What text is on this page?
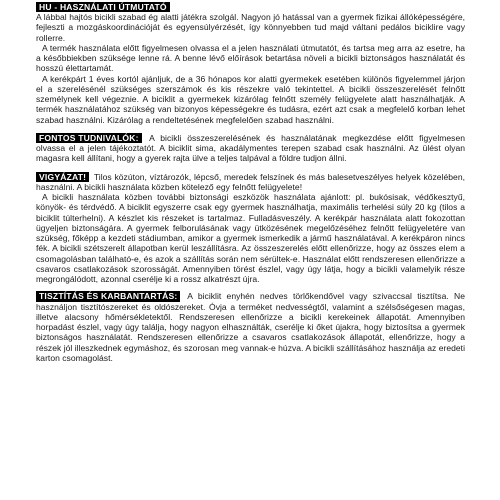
HU - HASZNÁLATI ÚTMUTATÓ

A lábbal hajtós bicikli szabad ég alatti játékra szolgál. Nagyon jó hatással van a gyermek fizikai állóképességére, fejleszti a mozgáskoordinációját és egyensúlyérzését, így könnyebben tud majd váltani pedálos biciklire vagy rollerre.

A termék használata előtt figyelmesen olvassa el a jelen használati útmutatót, és tartsa meg arra az esetre, ha a későbbiekben szüksége lenne rá. A benne lévő előírások betartása növeli a bicikli biztonságos használatát és hosszú élettartamát.

A kerékpárt 1 éves kortól ajánljuk, de a 36 hónapos kor alatti gyermekek esetében különös figyelemmel járjon el a szerelésénél szükséges szerszámok és kis részekre való tekintettel. A bicikli összeszerelését felnőtt személynek kell végeznie. A biciklit a gyermekek kizárólag felnőtt személy felügyelete alatt használhatják. A termék használatához szükség van bizonyos képességekre és tudásra, ezért azt csak a megfelelő korban lehet szabad használni. Kizárólag a rendeltetésének megfelelően szabad használni.

FONTOS TUDNIVALÓK: A bicikli összeszerelésének és használatának megkezdése előtt figyelmesen olvassa el a jelen tájékoztatót. A biciklit sima, akadálymentes terepen szabad csak használni. Az ülést olyan magasra kell állítani, hogy a gyerek rajta ülve a teljes talpával a földre tudjon állni.

VIGYÁZAT! Tilos közúton, víztározók, lépcső, meredek felszínek és más balesetveszélyes helyek közelében, használni. A bicikli használata közben kötelező egy felnőtt felügyelete!

A bicikli használata közben további biztonsági eszközök használata ajánlott: pl. bukósisak, védőkesztyű, könyök- és térdvédő. A biciklit egyszerre csak egy gyermek használhatja, maximális terhelési súly 20 kg (tilos a biciklit túlterhelni). A készlet kis részeket is tartalmaz. Fulladásveszély. A kerékpár használata alatt fokozottan ügyeljen biztonságára. A gyermek felborulásának vagy ütközésének megelőzéséhez felnőtt felügyeletére van szükség, főképp a kezdeti stádiumban, amikor a gyermek ismerkedik a jármű használatával. A kerékpáron nincs fék. A bicikli szétszerelt állapotban kerül leszállításra. Az összeszerelés előtt ellenőrizze, hogy az összes elem a csomagolásban található-e, és azok a szállítás során nem sérültek-e. Használat előtt rendszeresen ellenőrizze a csavaros csatlakozások szorosságát. Amennyiben törést észlel, vagy úgy látja, hogy a bicikli valamelyik része megrongálódott, azonnal cserélje ki a rossz alkatrészt újra.

TISZTÍTÁS ÉS KARBANTARTÁS: A biciklit enyhén nedves törlőkendővel vagy szivaccsal tisztítsa. Ne használjon tisztítószereket és oldószereket. Óvja a terméket nedvességtől, valamint a szélsőségesen magas, illetve alacsony hőmérsékletektől. Rendszeresen ellenőrizze a bicikli kerekeinek állapotát. Amennyiben horpadást észlel, vagy úgy találja, hogy nagyon elhasználták, cserélje ki őket újakra, hogy biztosítsa a gyermek biztonságos használatát. Rendszeresen ellenőrizze a csavaros csatlakozások állapotát, ellenőrizze, hogy a részek jól illeszkednek egymáshoz, és szorosan meg vannak-e húzva. A bicikli szállításához használja az eredeti karton csomagolást.
